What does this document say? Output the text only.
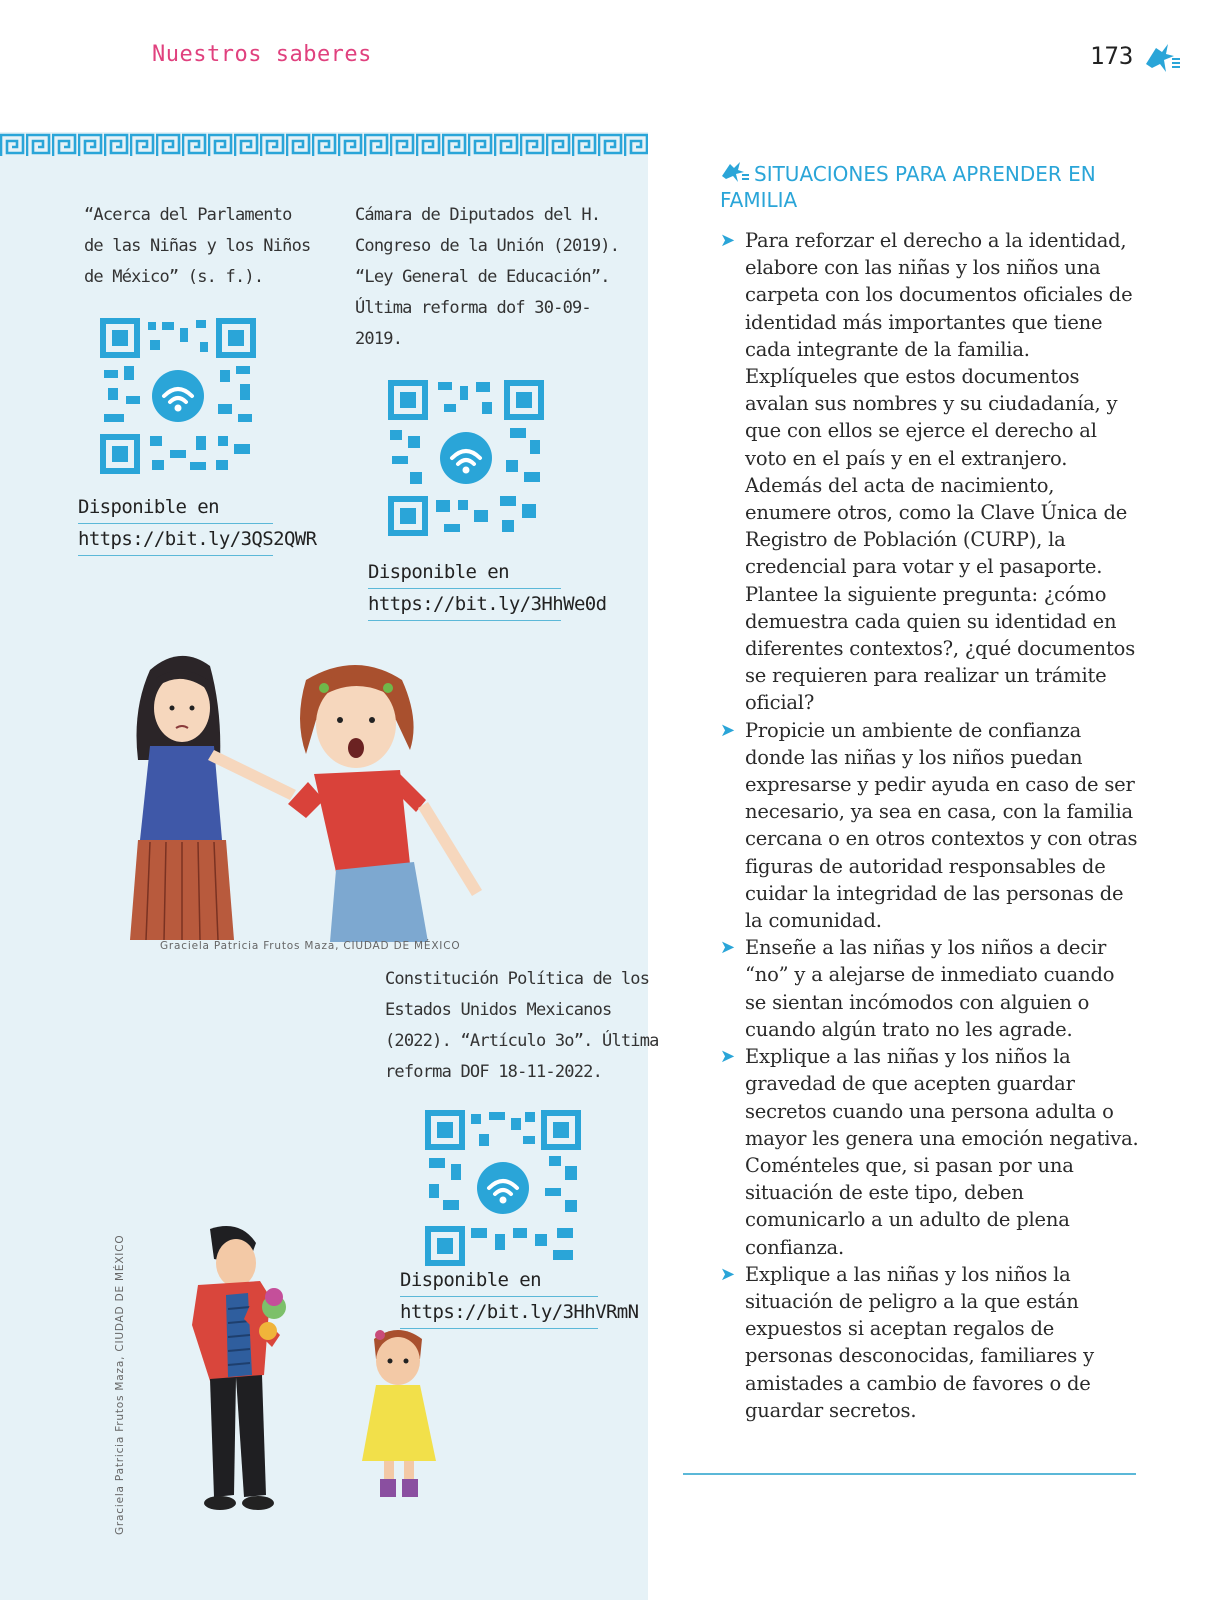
Nuestros saberes	173
“Acerca del Parlamento
de las Niñas y los Niños
de México” (s. f.).
Disponible en
https://bit.ly/3QS2QWR
Cámara de Diputados del H.
Congreso de la Unión (2019).
“Ley General de Educación”.
Última reforma dof 30-09-
2019.
Disponible en
https://bit.ly/3HhWe0d
Graciela Patricia Frutos Maza, CIUDAD DE MÉXICO
Constitución Política de los
Estados Unidos Mexicanos
(2022). “Artículo 3o”. Última
reforma DOF 18-11-2022.
Disponible en
https://bit.ly/3HhVRmN
Graciela Patricia Frutos Maza, CIUDAD DE MÉXICO
SITUACIONES PARA APRENDER EN FAMILIA
➤ Para reforzar el derecho a la identidad, elabore con las niñas y los niños una carpeta con los documentos oficiales de identidad más importantes que tiene cada integrante de la familia. Explíqueles que estos documentos avalan sus nombres y su ciudadanía, y que con ellos se ejerce el derecho al voto en el país y en el extranjero. Además del acta de nacimiento, enumere otros, como la Clave Única de Registro de Población (CURP), la credencial para votar y el pasaporte. Plantee la siguiente pregunta: ¿cómo demuestra cada quien su identidad en diferentes contextos?, ¿qué documentos se requieren para realizar un trámite oficial?
➤ Propicie un ambiente de confianza donde las niñas y los niños puedan expresarse y pedir ayuda en caso de ser necesario, ya sea en casa, con la familia cercana o en otros contextos y con otras figuras de autoridad responsables de cuidar la integridad de las personas de la comunidad.
➤ Enseñe a las niñas y los niños a decir “no” y a alejarse de inmediato cuando se sientan incómodos con alguien o cuando algún trato no les agrade.
➤ Explique a las niñas y los niños la gravedad de que acepten guardar secretos cuando una persona adulta o mayor les genera una emoción negativa. Coménteles que, si pasan por una situación de este tipo, deben comunicarlo a un adulto de plena confianza.
➤ Explique a las niñas y los niños la situación de peligro a la que están expuestos si aceptan regalos de personas desconocidas, familiares y amistades a cambio de favores o de guardar secretos.
